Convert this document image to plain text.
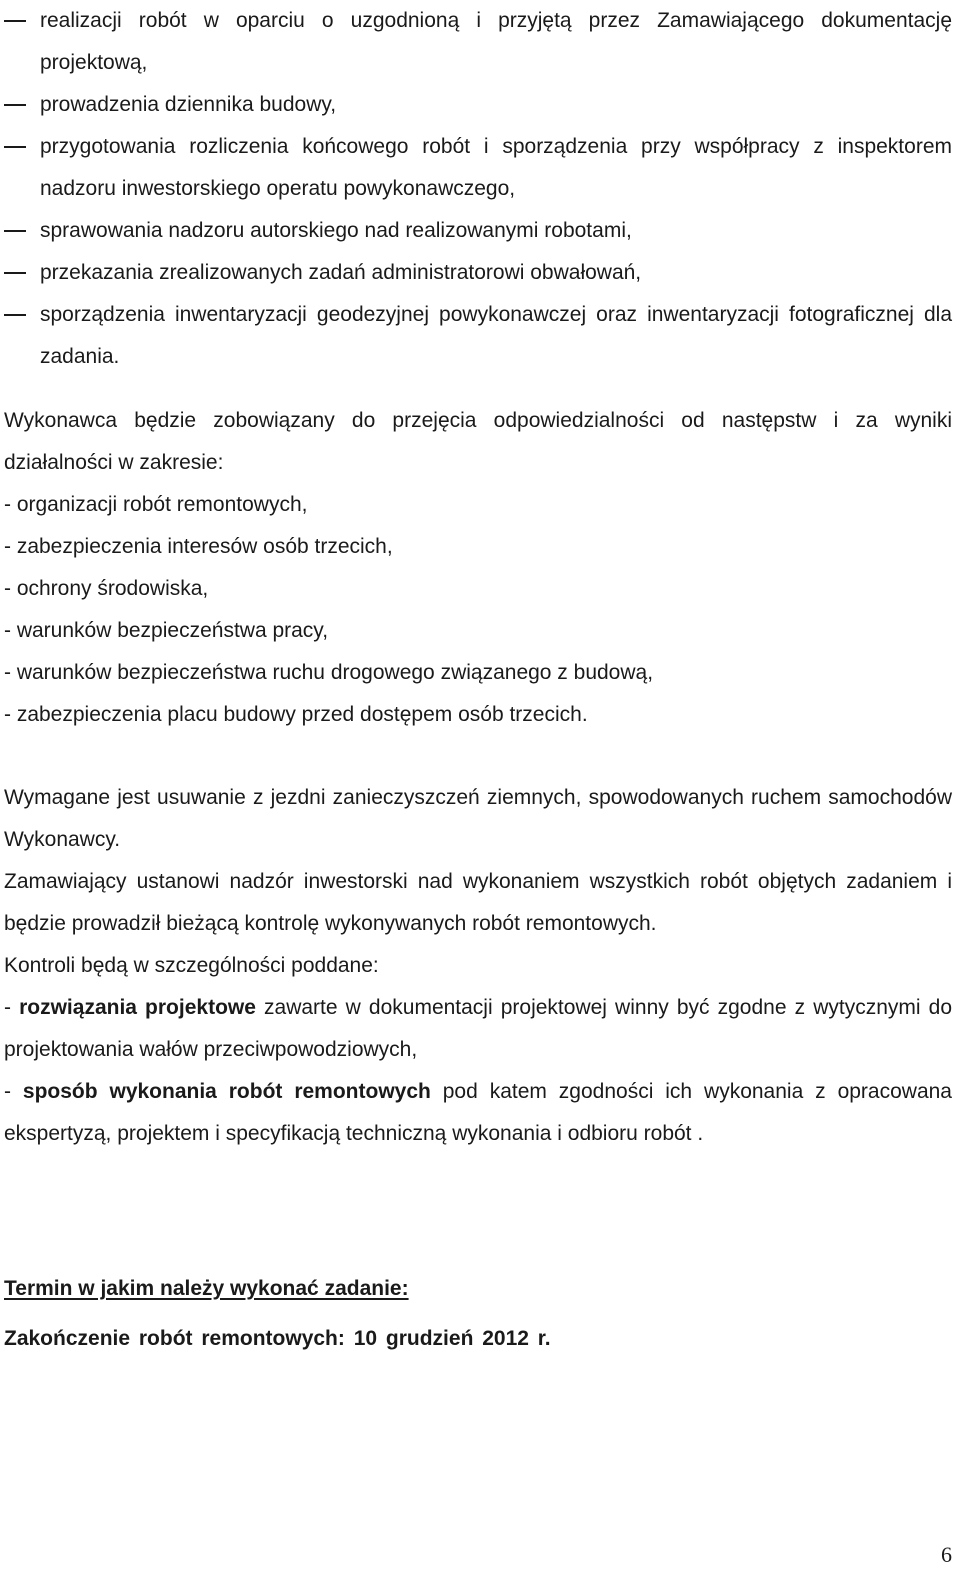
realizacji robót w oparciu o uzgodnioną i przyjętą przez Zamawiającego dokumentację projektową,
prowadzenia dziennika budowy,
przygotowania rozliczenia końcowego robót i sporządzenia przy współpracy z inspektorem nadzoru inwestorskiego operatu powykonawczego,
sprawowania nadzoru autorskiego nad realizowanymi robotami,
przekazania zrealizowanych zadań administratorowi obwałowań,
sporządzenia inwentaryzacji geodezyjnej powykonawczej oraz inwentaryzacji fotograficznej dla zadania.

Wykonawca będzie zobowiązany do przejęcia odpowiedzialności od następstw i za wyniki działalności w zakresie:

- organizacji robót remontowych,
- zabezpieczenia interesów osób trzecich,
- ochrony środowiska,
- warunków bezpieczeństwa pracy,
- warunków bezpieczeństwa ruchu drogowego związanego z budową,
- zabezpieczenia placu budowy przed dostępem osób trzecich.

Wymagane jest usuwanie z jezdni zanieczyszczeń ziemnych, spowodowanych ruchem samochodów Wykonawcy.

Zamawiający ustanowi nadzór inwestorski nad wykonaniem wszystkich robót objętych zadaniem i będzie prowadził bieżącą kontrolę wykonywanych robót remontowych.

Kontroli będą w szczególności poddane:

- rozwiązania projektowe zawarte w dokumentacji projektowej winny być zgodne z wytycznymi do projektowania wałów przeciwpowodziowych,

- sposób wykonania robót remontowych pod katem zgodności ich wykonania z opracowana ekspertyzą, projektem i specyfikacją techniczną wykonania i odbioru robót .

Termin w jakim należy wykonać zadanie:
Zakończenie robót remontowych: 10 grudzień 2012 r.
6
